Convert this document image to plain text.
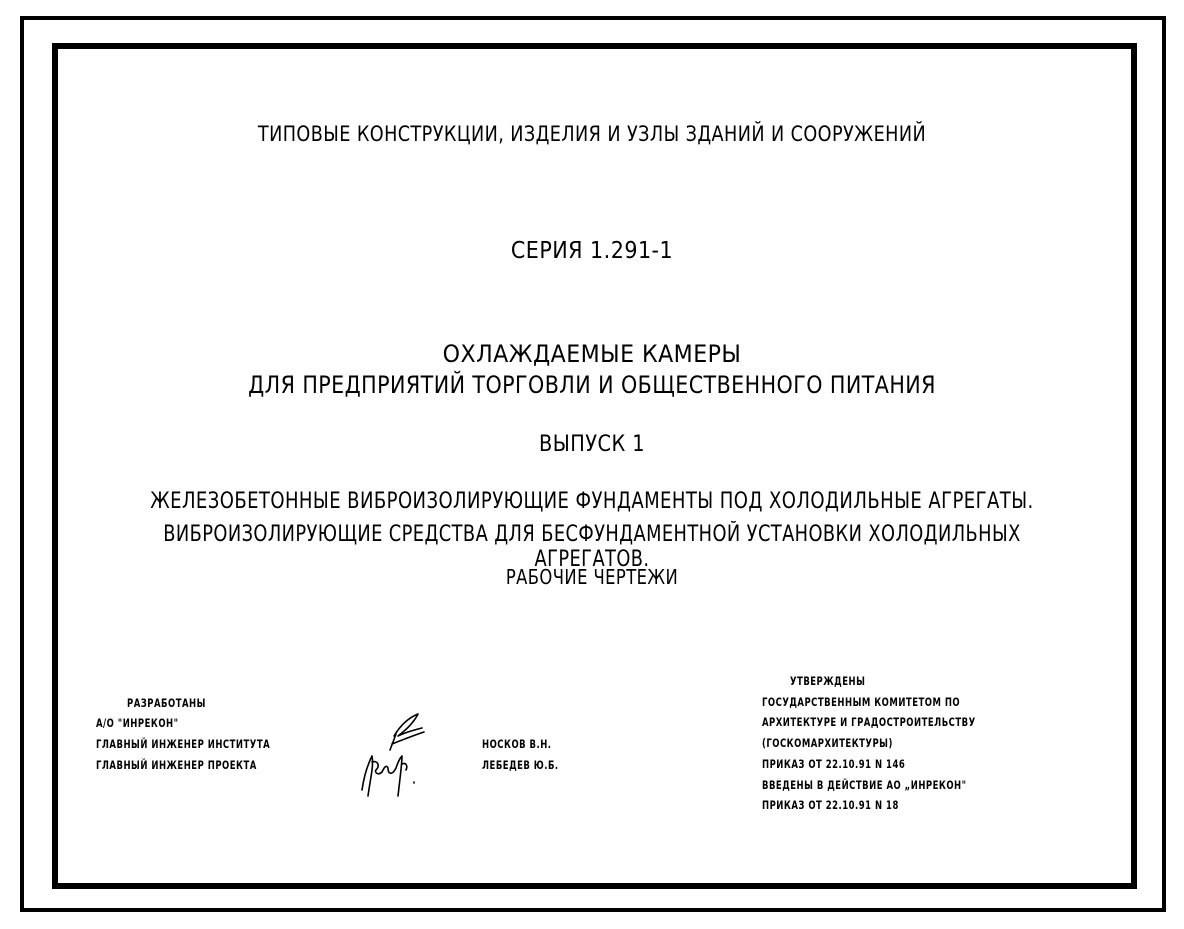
ТИПОВЫЕ КОНСТРУКЦИИ, ИЗДЕЛИЯ И УЗЛЫ ЗДАНИЙ И СООРУЖЕНИЙ
СЕРИЯ 1.291-1
ОХЛАЖДАЕМЫЕ КАМЕРЫ
ДЛЯ ПРЕДПРИЯТИЙ ТОРГОВЛИ И ОБЩЕСТВЕННОГО ПИТАНИЯ
ВЫПУСК 1
ЖЕЛЕЗОБЕТОННЫЕ ВИБРОИЗОЛИРУЮЩИЕ ФУНДАМЕНТЫ ПОД ХОЛОДИЛЬНЫЕ АГРЕГАТЫ.
ВИБРОИЗОЛИРУЮЩИЕ СРЕДСТВА ДЛЯ БЕСФУНДАМЕНТНОЙ УСТАНОВКИ ХОЛОДИЛЬНЫХ АГРЕГАТОВ.
РАБОЧИЕ ЧЕРТЕЖИ
РАЗРАБОТАНЫ
А/О "ИНРЕКОН"
ГЛАВНЫЙ ИНЖЕНЕР ИНСТИТУТА
ГЛАВНЫЙ ИНЖЕНЕР ПРОЕКТА
НОСКОВ В.Н.
ЛЕБЕДЕВ Ю.Б.
УТВЕРЖДЕНЫ
ГОСУДАРСТВЕННЫМ КОМИТЕТОМ ПО
АРХИТЕКТУРЕ И ГРАДОСТРОИТЕЛЬСТВУ
(ГОСКОМАРХИТЕКТУРЫ)
ПРИКАЗ ОТ 22.10.91 N 146
ВВЕДЕНЫ В ДЕЙСТВИЕ АО „ИНРЕКОН"
ПРИКАЗ ОТ 22.10.91 N 18
